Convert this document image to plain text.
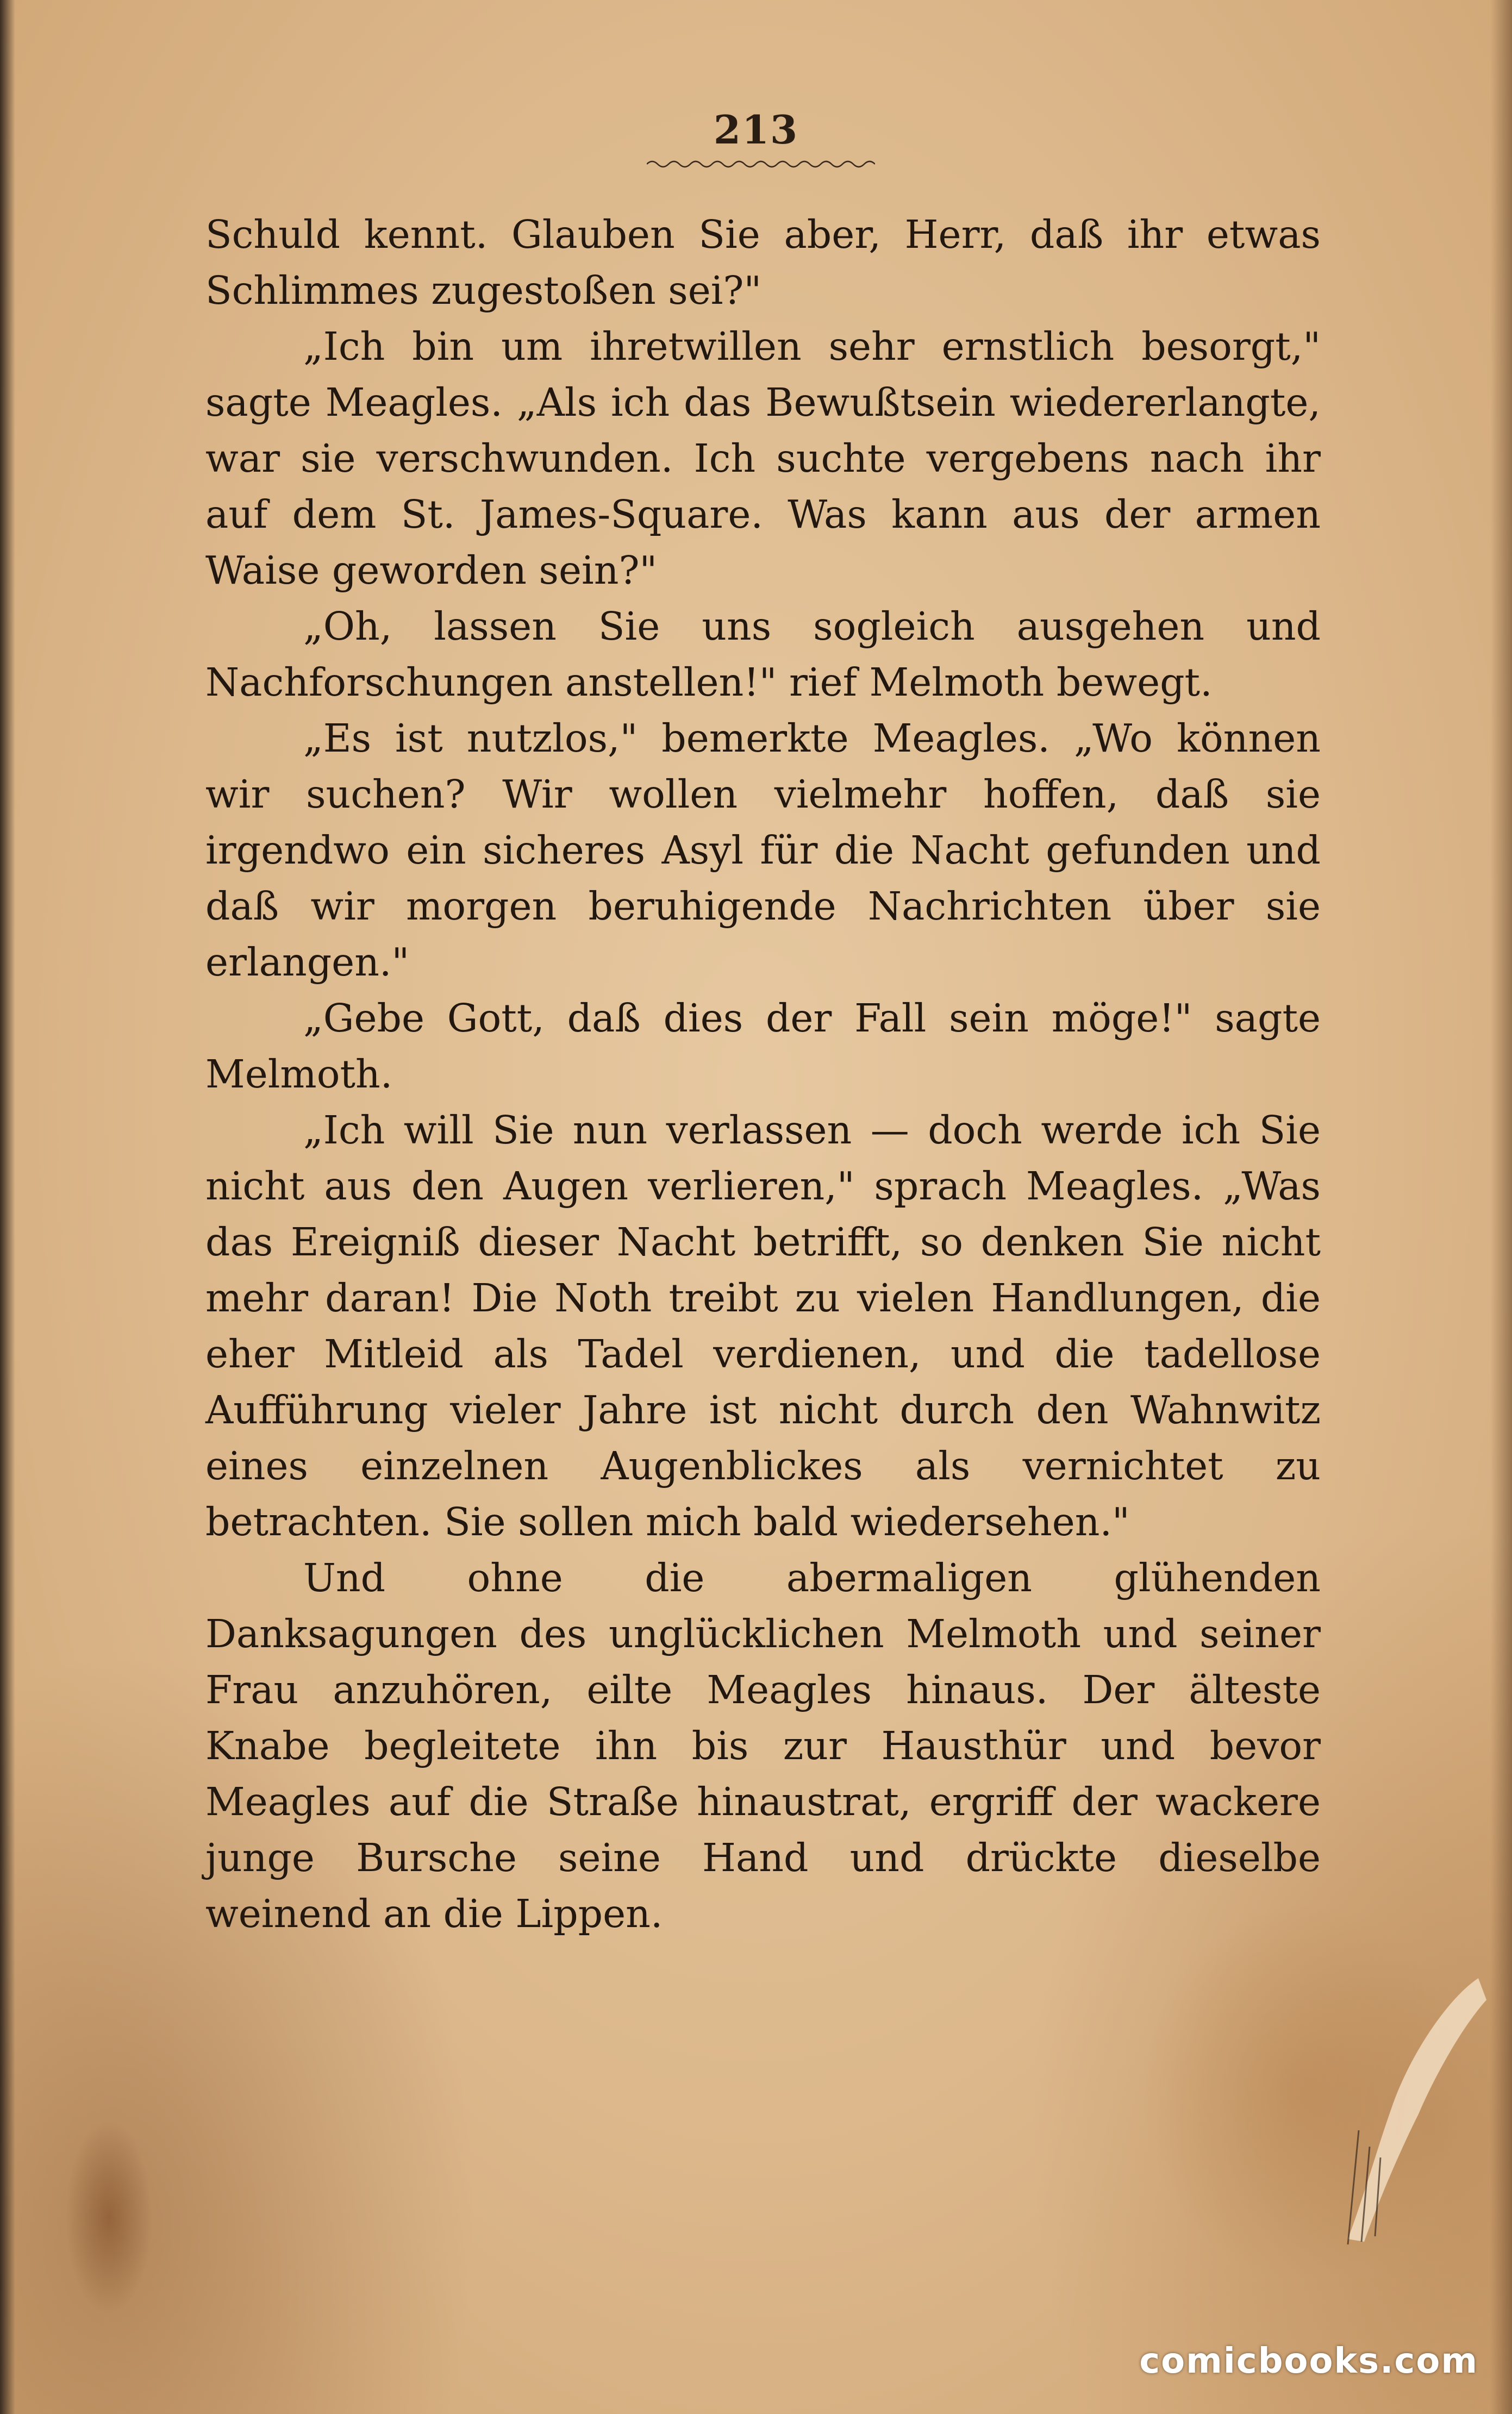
213

Schuld kennt. Glauben Sie aber, Herr, daß ihr etwas Schlimmes zugestoßen sei?"

„Ich bin um ihretwillen sehr ernstlich besorgt," sagte Meagles. „Als ich das Bewußtsein wiedererlangte, war sie verschwunden. Ich suchte vergebens nach ihr auf dem St. James-Square. Was kann aus der armen Waise geworden sein?"

„Oh, lassen Sie uns sogleich ausgehen und Nachforschungen anstellen!" rief Melmoth bewegt.

„Es ist nutzlos," bemerkte Meagles. „Wo können wir suchen? Wir wollen vielmehr hoffen, daß sie irgendwo ein sicheres Asyl für die Nacht gefunden und daß wir morgen beruhigende Nachrichten über sie erlangen."

„Gebe Gott, daß dies der Fall sein möge!" sagte Melmoth.

„Ich will Sie nun verlassen — doch werde ich Sie nicht aus den Augen verlieren," sprach Meagles. „Was das Ereigniß dieser Nacht betrifft, so denken Sie nicht mehr daran! Die Noth treibt zu vielen Handlungen, die eher Mitleid als Tadel verdienen, und die tadellose Aufführung vieler Jahre ist nicht durch den Wahnwitz eines einzelnen Augenblickes als vernichtet zu betrachten. Sie sollen mich bald wiedersehen."

Und ohne die abermaligen glühenden Danksagungen des unglücklichen Melmoth und seiner Frau anzuhören, eilte Meagles hinaus. Der älteste Knabe begleitete ihn bis zur Hausthür und bevor Meagles auf die Straße hinaustrat, ergriff der wackere junge Bursche seine Hand und drückte dieselbe weinend an die Lippen.

comicbooks.com
